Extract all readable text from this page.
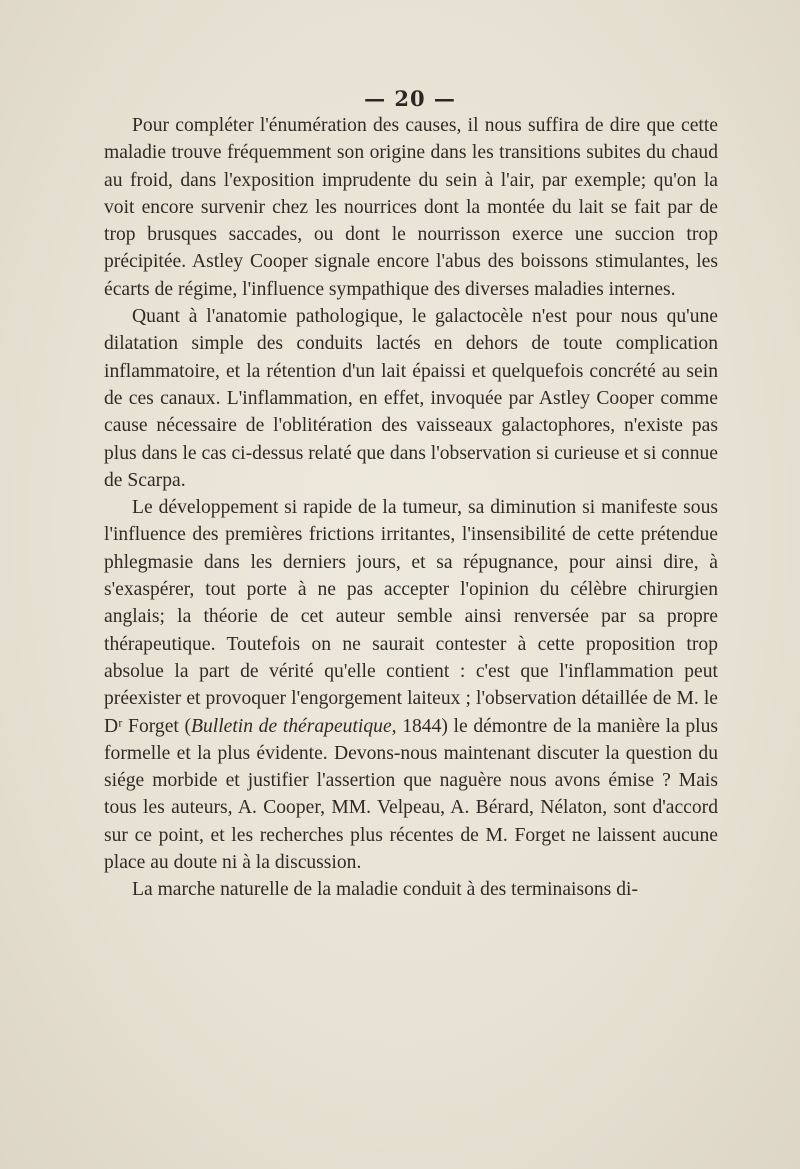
— 20 —

Pour compléter l'énumération des causes, il nous suffira de dire que cette maladie trouve fréquemment son origine dans les transitions subites du chaud au froid, dans l'exposition imprudente du sein à l'air, par exemple; qu'on la voit encore survenir chez les nourrices dont la montée du lait se fait par de trop brusques saccades, ou dont le nourrisson exerce une succion trop précipitée. Astley Cooper signale encore l'abus des boissons stimulantes, les écarts de régime, l'influence sympathique des diverses maladies internes.

Quant à l'anatomie pathologique, le galactocèle n'est pour nous qu'une dilatation simple des conduits lactés en dehors de toute complication inflammatoire, et la rétention d'un lait épaissi et quelquefois concrété au sein de ces canaux. L'inflammation, en effet, invoquée par Astley Cooper comme cause nécessaire de l'oblitération des vaisseaux galactophores, n'existe pas plus dans le cas ci-dessus relaté que dans l'observation si curieuse et si connue de Scarpa.

Le développement si rapide de la tumeur, sa diminution si manifeste sous l'influence des premières frictions irritantes, l'insensibilité de cette prétendue phlegmasie dans les derniers jours, et sa répugnance, pour ainsi dire, à s'exaspérer, tout porte à ne pas accepter l'opinion du célèbre chirurgien anglais; la théorie de cet auteur semble ainsi renversée par sa propre thérapeutique. Toutefois on ne saurait contester à cette proposition trop absolue la part de vérité qu'elle contient : c'est que l'inflammation peut préexister et provoquer l'engorgement laiteux ; l'observation détaillée de M. le Dʳ Forget (Bulletin de thérapeutique, 1844) le démontre de la manière la plus formelle et la plus évidente. Devons-nous maintenant discuter la question du siége morbide et justifier l'assertion que naguère nous avons émise ? Mais tous les auteurs, A. Cooper, MM. Velpeau, A. Bérard, Nélaton, sont d'accord sur ce point, et les recherches plus récentes de M. Forget ne laissent aucune place au doute ni à la discussion.

La marche naturelle de la maladie conduit à des terminaisons di-
